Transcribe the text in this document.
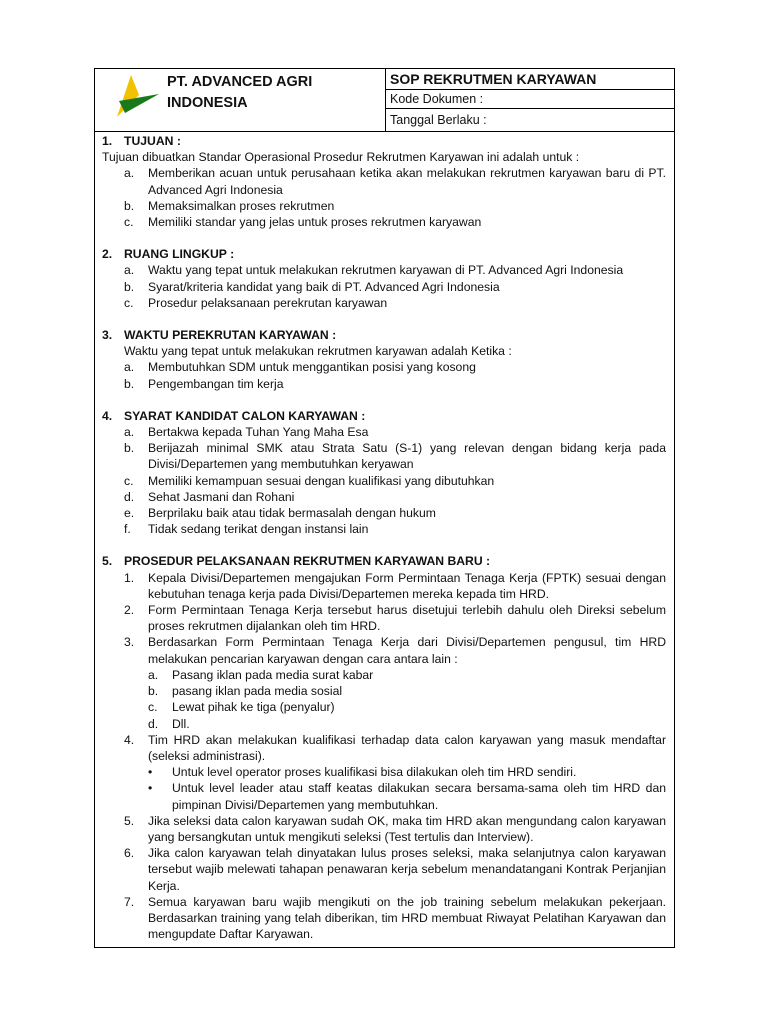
PT. ADVANCED AGRI
INDONESIA
SOP REKRUTMEN KARYAWAN
Kode Dokumen :
Tanggal Berlaku :
1. TUJUAN :
Tujuan dibuatkan Standar Operasional Prosedur Rekrutmen Karyawan ini adalah untuk :
a.	Memberikan acuan untuk perusahaan ketika akan melakukan rekrutmen karyawan baru di PT. Advanced Agri Indonesia
b.	Memaksimalkan proses rekrutmen
c.	Memiliki standar yang jelas untuk proses rekrutmen karyawan
2. RUANG LINGKUP :
a.	Waktu yang tepat untuk melakukan rekrutmen karyawan di PT. Advanced Agri Indonesia
b.	Syarat/kriteria kandidat yang baik di PT. Advanced Agri Indonesia
c.	Prosedur pelaksanaan perekrutan karyawan
3. WAKTU PEREKRUTAN KARYAWAN :
Waktu yang tepat untuk melakukan rekrutmen karyawan adalah Ketika :
a.	Membutuhkan SDM untuk menggantikan posisi yang kosong
b.	Pengembangan tim kerja
4. SYARAT KANDIDAT CALON KARYAWAN :
a.	Bertakwa kepada Tuhan Yang Maha Esa
b.	Berijazah minimal SMK atau Strata Satu (S-1) yang relevan dengan bidang kerja pada Divisi/Departemen yang membutuhkan keryawan
c.	Memiliki kemampuan sesuai dengan kualifikasi yang dibutuhkan
d.	Sehat Jasmani dan Rohani
e.	Berprilaku baik atau tidak bermasalah dengan hukum
f.	Tidak sedang terikat dengan instansi lain
5. PROSEDUR PELAKSANAAN REKRUTMEN KARYAWAN BARU :
1.	Kepala Divisi/Departemen mengajukan Form Permintaan Tenaga Kerja (FPTK) sesuai dengan kebutuhan tenaga kerja pada Divisi/Departemen mereka kepada tim HRD.
2.	Form Permintaan Tenaga Kerja tersebut harus disetujui terlebih dahulu oleh Direksi sebelum proses rekrutmen dijalankan oleh tim HRD.
3.	Berdasarkan Form Permintaan Tenaga Kerja dari Divisi/Departemen pengusul, tim HRD melakukan pencarian karyawan dengan cara antara lain :
a.	Pasang iklan pada media surat kabar
b.	pasang iklan pada media sosial
c.	Lewat pihak ke tiga (penyalur)
d.	Dll.
4.	Tim HRD akan melakukan kualifikasi terhadap data calon karyawan yang masuk mendaftar (seleksi administrasi).
•	Untuk level operator proses kualifikasi bisa dilakukan oleh tim HRD sendiri.
•	Untuk level leader atau staff keatas dilakukan secara bersama-sama oleh tim HRD dan pimpinan Divisi/Departemen yang membutuhkan.
5.	Jika seleksi data calon karyawan sudah OK, maka tim HRD akan mengundang calon karyawan yang bersangkutan untuk mengikuti seleksi (Test tertulis dan Interview).
6.	Jika calon karyawan telah dinyatakan lulus proses seleksi, maka selanjutnya calon karyawan tersebut wajib melewati tahapan penawaran kerja sebelum menandatangani Kontrak Perjanjian Kerja.
7.	Semua karyawan baru wajib mengikuti on the job training sebelum melakukan pekerjaan. Berdasarkan training yang telah diberikan, tim HRD membuat Riwayat Pelatihan Karyawan dan mengupdate Daftar Karyawan.
